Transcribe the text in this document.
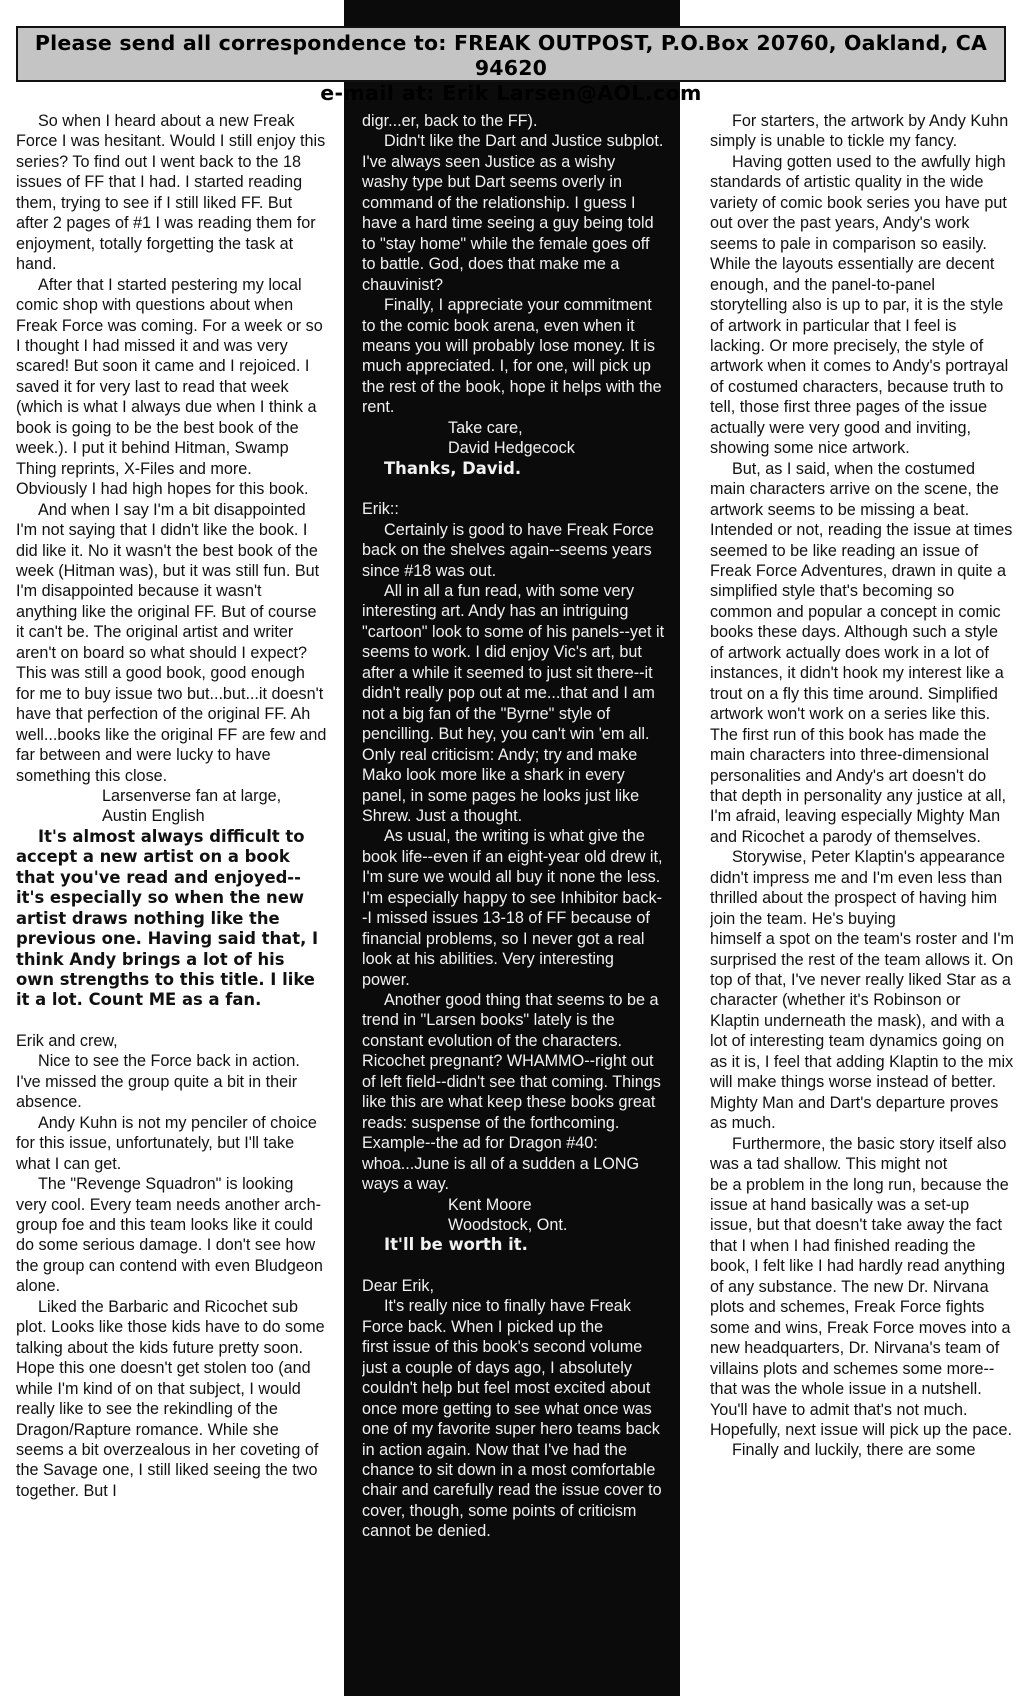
Please send all correspondence to: FREAK OUTPOST, P.O.Box 20760, Oakland, CA 94620
e-mail at: Erik Larsen@AOL.com

So when I heard about a new Freak Force I was hesitant. Would I still enjoy this series? To find out I went back to the 18 issues of FF that I had. I started reading them, trying to see if I still liked FF. But after 2 pages of #1 I was reading them for enjoyment, totally forgetting the task at hand.

After that I started pestering my local comic shop with questions about when Freak Force was coming. For a week or so I thought I had missed it and was very scared! But soon it came and I rejoiced. I saved it for very last to read that week (which is what I always due when I think a book is going to be the best book of the week.). I put it behind Hitman, Swamp Thing reprints, X-Files and more. Obviously I had high hopes for this book.

And when I say I'm a bit disappointed I'm not saying that I didn't like the book. I did like it. No it wasn't the best book of the week (Hitman was), but it was still fun. But I'm disappointed because it wasn't anything like the original FF. But of course it can't be. The original artist and writer aren't on board so what should I expect? This was still a good book, good enough for me to buy issue two but...but...it doesn't have that perfection of the original FF. Ah well...books like the original FF are few and far between and were lucky to have something this close.

Larsenverse fan at large,
Austin English
It's almost always difficult to accept a new artist on a book that you've read and enjoyed--it's especially so when the new artist draws nothing like the previous one. Having said that, I think Andy brings a lot of his own strengths to this title. I like it a lot. Count ME as a fan.

Erik and crew,

Nice to see the Force back in action. I've missed the group quite a bit in their absence.

Andy Kuhn is not my penciler of choice for this issue, unfortunately, but I'll take what I can get.

The "Revenge Squadron" is looking very cool. Every team needs another arch-group foe and this team looks like it could do some serious damage. I don't see how the group can contend with even Bludgeon alone.

Liked the Barbaric and Ricochet sub plot. Looks like those kids have to do some talking about the kids future pretty soon. Hope this one doesn't get stolen too (and while I'm kind of on that subject, I would really like to see the rekindling of the Dragon/Rapture romance. While she seems a bit overzealous in her coveting of the Savage one, I still liked seeing the two together. But I

digr...er, back to the FF).

Didn't like the Dart and Justice subplot. I've always seen Justice as a wishy washy type but Dart seems overly in command of the relationship. I guess I have a hard time seeing a guy being told to "stay home" while the female goes off to battle. God, does that make me a chauvinist?

Finally, I appreciate your commitment to the comic book arena, even when it means you will probably lose money. It is much appreciated. I, for one, will pick up the rest of the book, hope it helps with the rent.

Take care,
David Hedgecock
Thanks, David.

Erik::

Certainly is good to have Freak Force back on the shelves again--seems years since #18 was out.

All in all a fun read, with some very interesting art. Andy has an intriguing "cartoon" look to some of his panels--yet it seems to work. I did enjoy Vic's art, but after a while it seemed to just sit there--it didn't really pop out at me...that and I am not a big fan of the "Byrne" style of pencilling. But hey, you can't win 'em all. Only real criticism: Andy; try and make Mako look more like a shark in every panel, in some pages he looks just like Shrew. Just a thought.

As usual, the writing is what give the book life--even if an eight-year old drew it, I'm sure we would all buy it none the less. I'm especially happy to see Inhibitor back--I missed issues 13-18 of FF because of financial problems, so I never got a real look at his abilities. Very interesting power.

Another good thing that seems to be a trend in "Larsen books" lately is the constant evolution of the characters. Ricochet pregnant? WHAMMO--right out of left field--didn't see that coming. Things like this are what keep these books great reads: suspense of the forthcoming. Example--the ad for Dragon #40: whoa...June is all of a sudden a LONG ways a way.

Kent Moore
Woodstock, Ont.
It'll be worth it.

Dear Erik,

It's really nice to finally have Freak Force back. When I picked up the

first issue of this book's second volume just a couple of days ago, I absolutely couldn't help but feel most excited about once more getting to see what once was one of my favorite super hero teams back in action again. Now that I've had the chance to sit down in a most comfortable chair and carefully read the issue cover to cover, though, some points of criticism cannot be denied.

For starters, the artwork by Andy Kuhn simply is unable to tickle my fancy.

Having gotten used to the awfully high standards of artistic quality in the wide variety of comic book series you have put out over the past years, Andy's work seems to pale in comparison so easily. While the layouts essentially are decent enough, and the panel-to-panel storytelling also is up to par, it is the style of artwork in particular that I feel is lacking. Or more precisely, the style of artwork when it comes to Andy's portrayal of costumed characters, because truth to tell, those first three pages of the issue actually were very good and inviting, showing some nice artwork.

But, as I said, when the costumed main characters arrive on the scene, the artwork seems to be missing a beat. Intended or not, reading the issue at times seemed to be like reading an issue of Freak Force Adventures, drawn in quite a simplified style that's becoming so common and popular a concept in comic books these days. Although such a style of artwork actually does work in a lot of instances, it didn't hook my interest like a trout on a fly this time around. Simplified artwork won't work on a series like this. The first run of this book has made the main characters into three-dimensional personalities and Andy's art doesn't do that depth in personality any justice at all, I'm afraid, leaving especially Mighty Man and Ricochet a parody of themselves.

Storywise, Peter Klaptin's appearance didn't impress me and I'm even less than thrilled about the prospect of having him join the team. He's buying

himself a spot on the team's roster and I'm surprised the rest of the team allows it. On top of that, I've never really liked Star as a character (whether it's Robinson or Klaptin underneath the mask), and with a lot of interesting team dynamics going on as it is, I feel that adding Klaptin to the mix will make things worse instead of better. Mighty Man and Dart's departure proves as much.

Furthermore, the basic story itself also was a tad shallow. This might not

be a problem in the long run, because the issue at hand basically was a set-up issue, but that doesn't take away the fact that I when I had finished reading the book, I felt like I had hardly read anything of any substance. The new Dr. Nirvana plots and schemes, Freak Force fights some and wins, Freak Force moves into a new headquarters, Dr. Nirvana's team of villains plots and schemes some more-- that was the whole issue in a nutshell. You'll have to admit that's not much. Hopefully, next issue will pick up the pace.

Finally and luckily, there are some
